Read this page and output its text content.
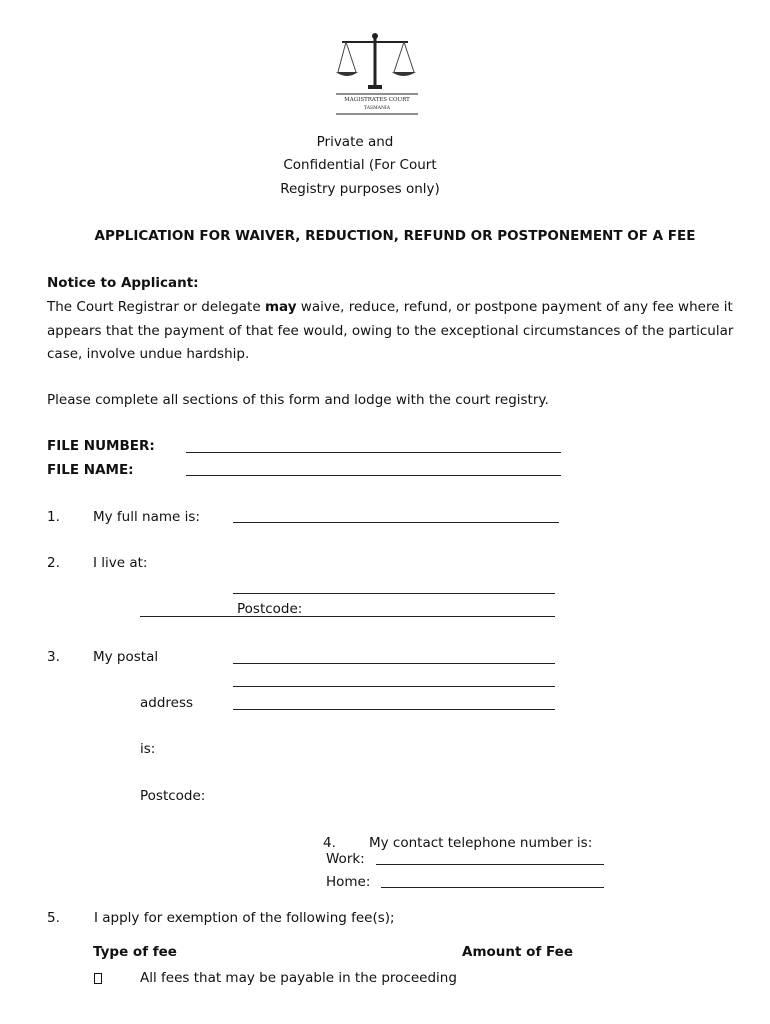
MAGISTRATES COURT
TASMANIA
Private and
Confidential (For Court
Registry purposes only)
APPLICATION FOR WAIVER, REDUCTION, REFUND OR POSTPONEMENT OF A FEE
Notice to Applicant:
The Court Registrar or delegate may waive, reduce, refund, or postpone payment of any fee where it appears that the payment of that fee would, owing to the exceptional circumstances of the particular case, involve undue hardship.
Please complete all sections of this form and lodge with the court registry.
FILE NUMBER:
FILE NAME:
1. My full name is:
2. I live at:
Postcode:
3. My postal
address
is:
Postcode:
4. My contact telephone number is:
Work:
Home:
5.	I apply for exemption of the following fee(s);
Type of fee	Amount of Fee
All fees that may be payable in the proceeding
